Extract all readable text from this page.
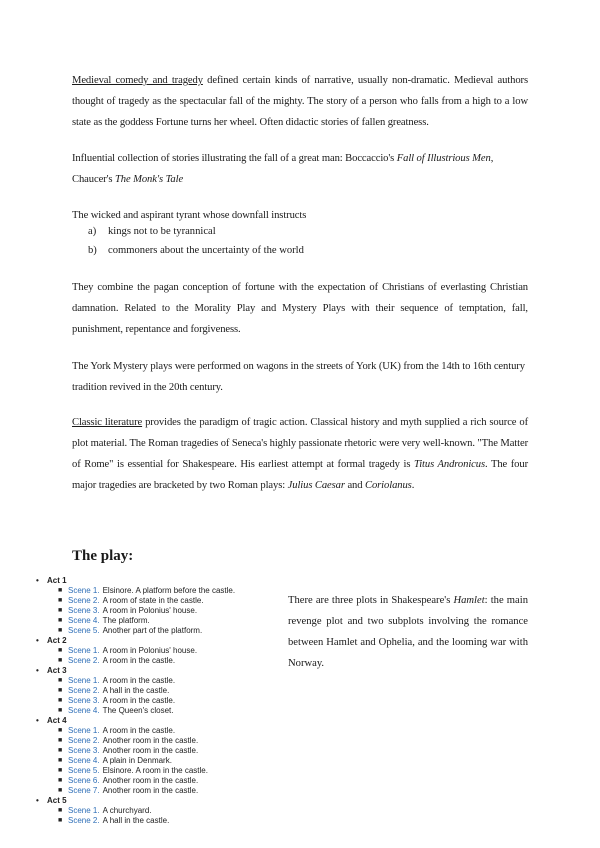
Medieval comedy and tragedy defined certain kinds of narrative, usually non-dramatic. Medieval authors thought of tragedy as the spectacular fall of the mighty. The story of a person who falls from a high to a low state as the goddess Fortune turns her wheel. Often didactic stories of fallen greatness.

Influential collection of stories illustrating the fall of a great man: Boccaccio's Fall of Illustrious Men, Chaucer's The Monk's Tale

The wicked and aspirant tyrant whose downfall instructs

a)	kings not to be tyrannical
b)	commoners about the uncertainty of the world

They combine the pagan conception of fortune with the expectation of Christians of everlasting Christian damnation. Related to the Morality Play and Mystery Plays with their sequence of temptation, fall, punishment, repentance and forgiveness.

The York Mystery plays were performed on wagons in the streets of York (UK) from the 14th to 16th century tradition revived in the 20th century.

Classic literature provides the paradigm of tragic action. Classical history and myth supplied a rich source of plot material. The Roman tragedies of Seneca's highly passionate rhetoric were very well-known. "The Matter of Rome" is essential for Shakespeare. His earliest attempt at formal tragedy is Titus Andronicus. The four major tragedies are bracketed by two Roman plays: Julius Caesar and Coriolanus.

The play:
•	Act 1
■ Scene 1. Elsinore. A platform before the castle.
■ Scene 2. A room of state in the castle.
■ Scene 3. A room in Polonius' house.
■ Scene 4. The platform.
■ Scene 5. Another part of the platform.
•	Act 2
■ Scene 1. A room in Polonius' house.
■ Scene 2. A room in the castle.
•	Act 3
■ Scene 1. A room in the castle.
■ Scene 2. A hall in the castle.
■ Scene 3. A room in the castle.
■ Scene 4. The Queen's closet.
•	Act 4
■ Scene 1. A room in the castle.
■ Scene 2. Another room in the castle.
■ Scene 3. Another room in the castle.
■ Scene 4. A plain in Denmark.
■ Scene 5. Elsinore. A room in the castle.
■ Scene 6. Another room in the castle.
■ Scene 7. Another room in the castle.
•	Act 5
■ Scene 1. A churchyard.
■ Scene 2. A hall in the castle.

There are three plots in Shakespeare's Hamlet: the main revenge plot and two subplots involving the romance between Hamlet and Ophelia, and the looming war with Norway.
